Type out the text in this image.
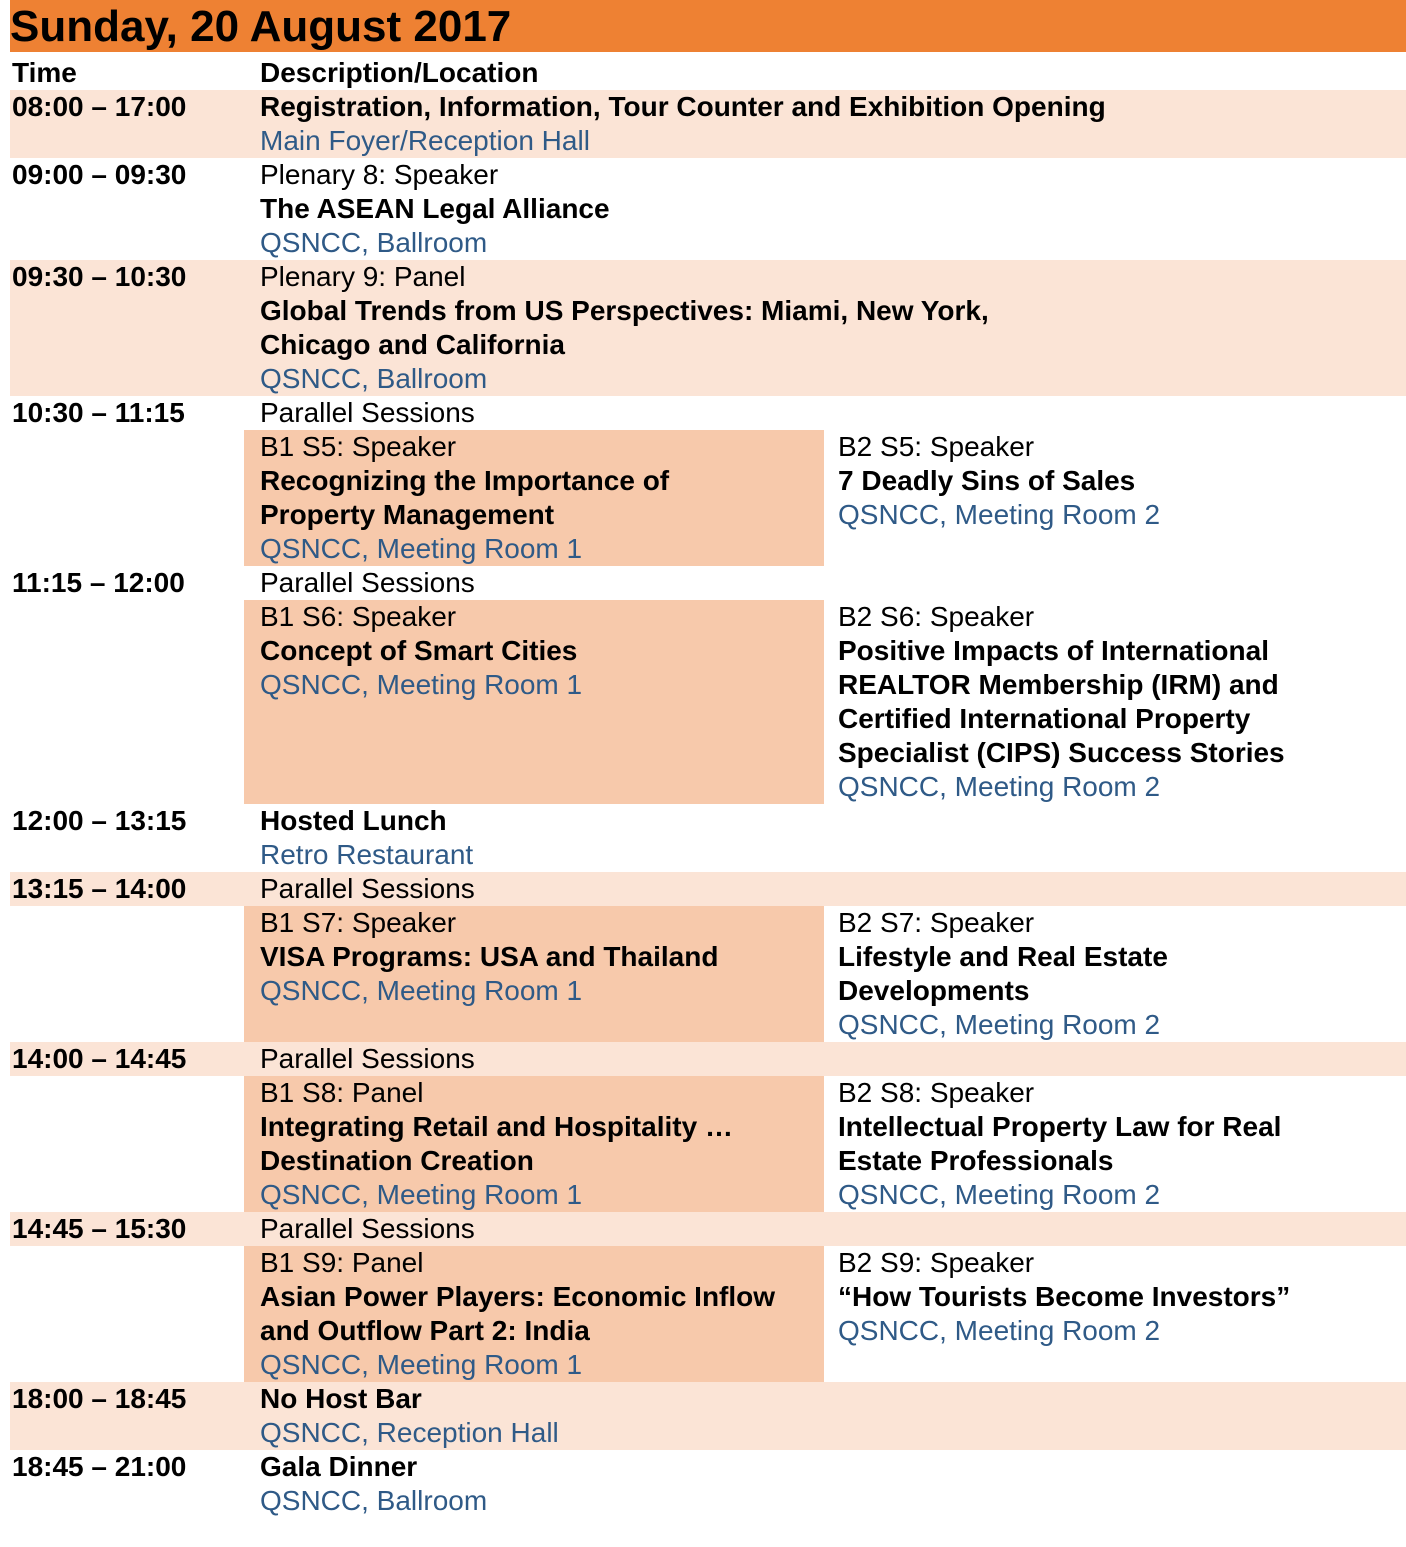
Sunday, 20 August 2017
Time	Description/Location
08:00 – 17:00	Registration, Information, Tour Counter and Exhibition Opening
Main Foyer/Reception Hall
09:00 – 09:30	Plenary 8: Speaker
The ASEAN Legal Alliance
QSNCC, Ballroom
09:30 – 10:30	Plenary 9: Panel
Global Trends from US Perspectives: Miami, New York,
Chicago and California
QSNCC, Ballroom
10:30 – 11:15	Parallel Sessions
B1 S5: Speaker
Recognizing the Importance of
Property Management
QSNCC, Meeting Room 1
B2 S5: Speaker
7 Deadly Sins of Sales
QSNCC, Meeting Room 2
11:15 – 12:00	Parallel Sessions
B1 S6: Speaker
Concept of Smart Cities
QSNCC, Meeting Room 1
B2 S6: Speaker
Positive Impacts of International
REALTOR Membership (IRM) and
Certified International Property
Specialist (CIPS) Success Stories
QSNCC, Meeting Room 2
12:00 – 13:15	Hosted Lunch
Retro Restaurant
13:15 – 14:00	Parallel Sessions
B1 S7: Speaker
VISA Programs: USA and Thailand
QSNCC, Meeting Room 1
B2 S7: Speaker
Lifestyle and Real Estate
Developments
QSNCC, Meeting Room 2
14:00 – 14:45	Parallel Sessions
B1 S8: Panel
Integrating Retail and Hospitality …
Destination Creation
QSNCC, Meeting Room 1
B2 S8: Speaker
Intellectual Property Law for Real
Estate Professionals
QSNCC, Meeting Room 2
14:45 – 15:30	Parallel Sessions
B1 S9: Panel
Asian Power Players: Economic Inflow
and Outflow Part 2: India
QSNCC, Meeting Room 1
B2 S9: Speaker
“How Tourists Become Investors”
QSNCC, Meeting Room 2
18:00 – 18:45	No Host Bar
QSNCC, Reception Hall
18:45 – 21:00	Gala Dinner
QSNCC, Ballroom
